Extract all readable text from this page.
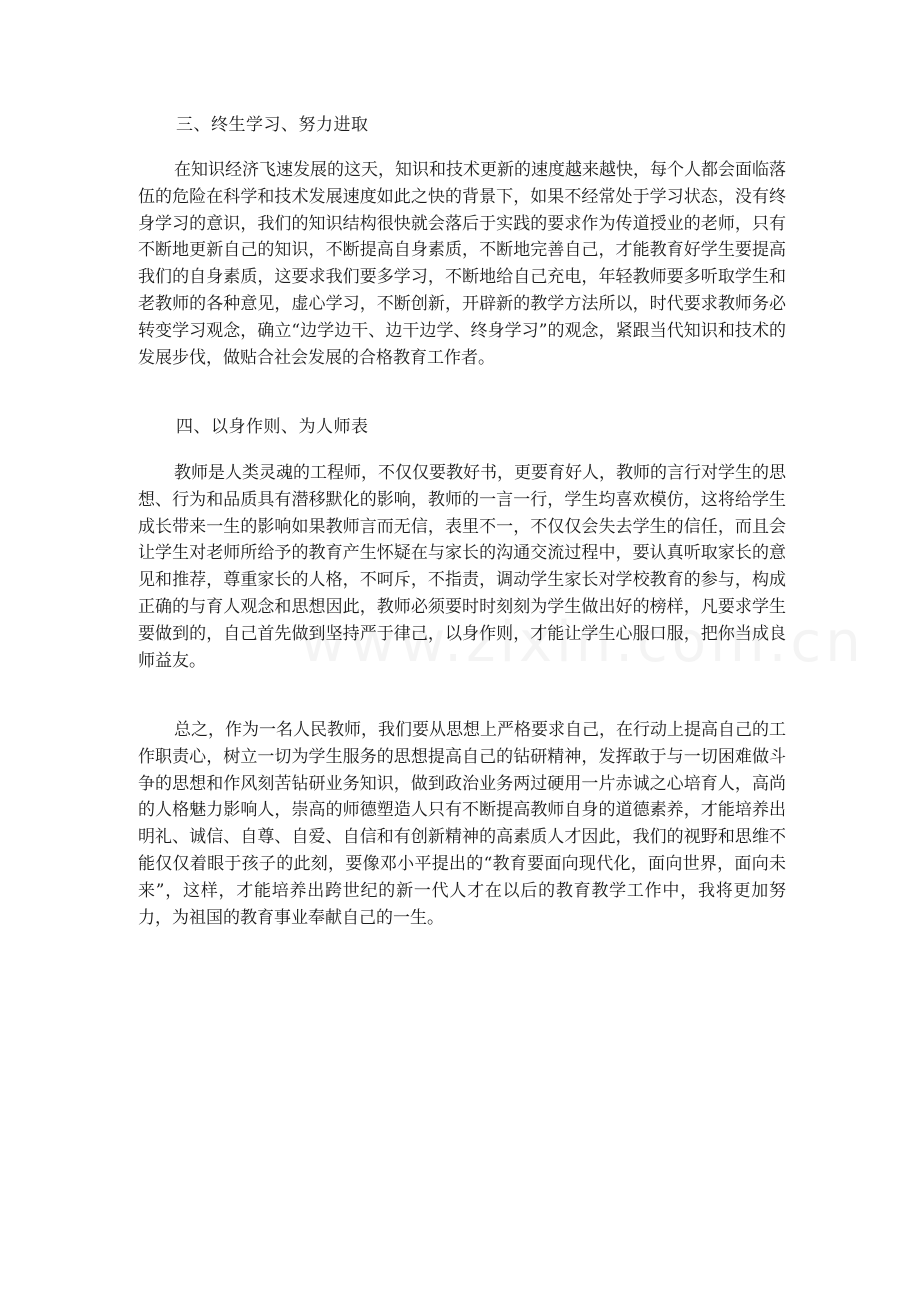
三、终生学习、努力进取

在知识经济飞速发展的这天，知识和技术更新的速度越来越快，每个人都会面临落伍的危险在科学和技术发展速度如此之快的背景下，如果不经常处于学习状态，没有终身学习的意识，我们的知识结构很快就会落后于实践的要求作为传道授业的老师，只有不断地更新自己的知识，不断提高自身素质，不断地完善自己，才能教育好学生要提高我们的自身素质，这要求我们要多学习，不断地给自己充电，年轻教师要多听取学生和老教师的各种意见，虚心学习，不断创新，开辟新的教学方法所以，时代要求教师务必转变学习观念，确立“边学边干、边干边学、终身学习”的观念，紧跟当代知识和技术的发展步伐，做贴合社会发展的合格教育工作者。

四、以身作则、为人师表

教师是人类灵魂的工程师，不仅仅要教好书，更要育好人，教师的言行对学生的思想、行为和品质具有潜移默化的影响，教师的一言一行，学生均喜欢模仿，这将给学生成长带来一生的影响如果教师言而无信，表里不一，不仅仅会失去学生的信任，而且会让学生对老师所给予的教育产生怀疑在与家长的沟通交流过程中，要认真听取家长的意见和推荐，尊重家长的人格，不呵斥，不指责，调动学生家长对学校教育的参与，构成正确的与育人观念和思想因此，教师必须要时时刻刻为学生做出好的榜样，凡要求学生要做到的，自己首先做到坚持严于律己，以身作则，才能让学生心服口服，把你当成良师益友。

总之，作为一名人民教师，我们要从思想上严格要求自己，在行动上提高自己的工作职责心，树立一切为学生服务的思想提高自己的钻研精神，发挥敢于与一切困难做斗争的思想和作风刻苦钻研业务知识，做到政治业务两过硬用一片赤诚之心培育人，高尚的人格魅力影响人，崇高的师德塑造人只有不断提高教师自身的道德素养，才能培养出明礼、诚信、自尊、自爱、自信和有创新精神的高素质人才因此，我们的视野和思维不能仅仅着眼于孩子的此刻，要像邓小平提出的“教育要面向现代化，面向世界，面向未来”，这样，才能培养出跨世纪的新一代人才在以后的教育教学工作中，我将更加努力，为祖国的教育事业奉献自己的一生。
